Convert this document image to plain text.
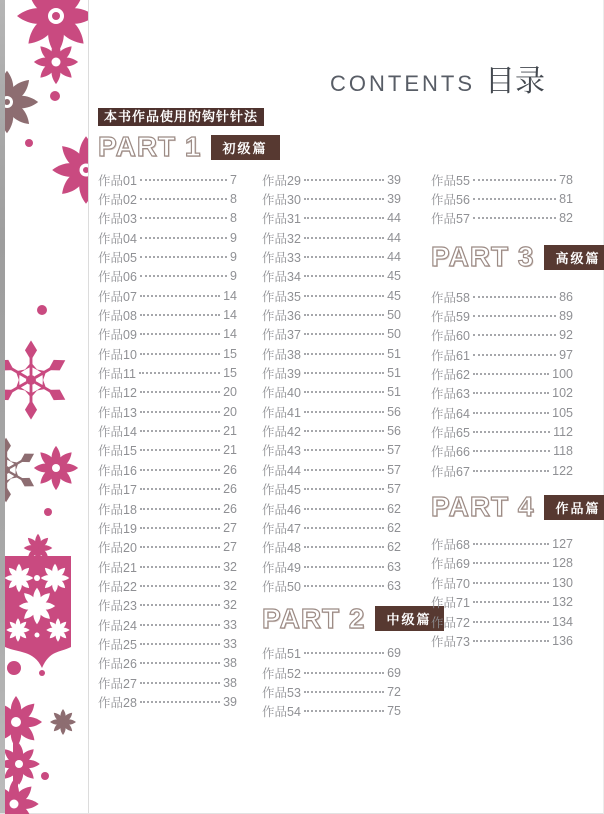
CONTENTS 目录
本书作品使用的钩针针法
PART 1	初级篇
作品01	7
作品02	8
作品03	8
作品04	9
作品05	9
作品06	9
作品07	14
作品08	14
作品09	14
作品10	15
作品11	15
作品12	20
作品13	20
作品14	21
作品15	21
作品16	26
作品17	26
作品18	26
作品19	27
作品20	27
作品21	32
作品22	32
作品23	32
作品24	33
作品25	33
作品26	38
作品27	38
作品28	39
作品29	39
作品30	39
作品31	44
作品32	44
作品33	44
作品34	45
作品35	45
作品36	50
作品37	50
作品38	51
作品39	51
作品40	51
作品41	56
作品42	56
作品43	57
作品44	57
作品45	57
作品46	62
作品47	62
作品48	62
作品49	63
作品50	63
PART 2	中级篇
作品51	69
作品52	69
作品53	72
作品54	75
作品55	78
作品56	81
作品57	82
PART 3	高级篇
作品58	86
作品59	89
作品60	92
作品61	97
作品62	100
作品63	102
作品64	105
作品65	112
作品66	118
作品67	122
PART 4	作品篇
作品68	127
作品69	128
作品70	130
作品71	132
作品72	134
作品73	136
